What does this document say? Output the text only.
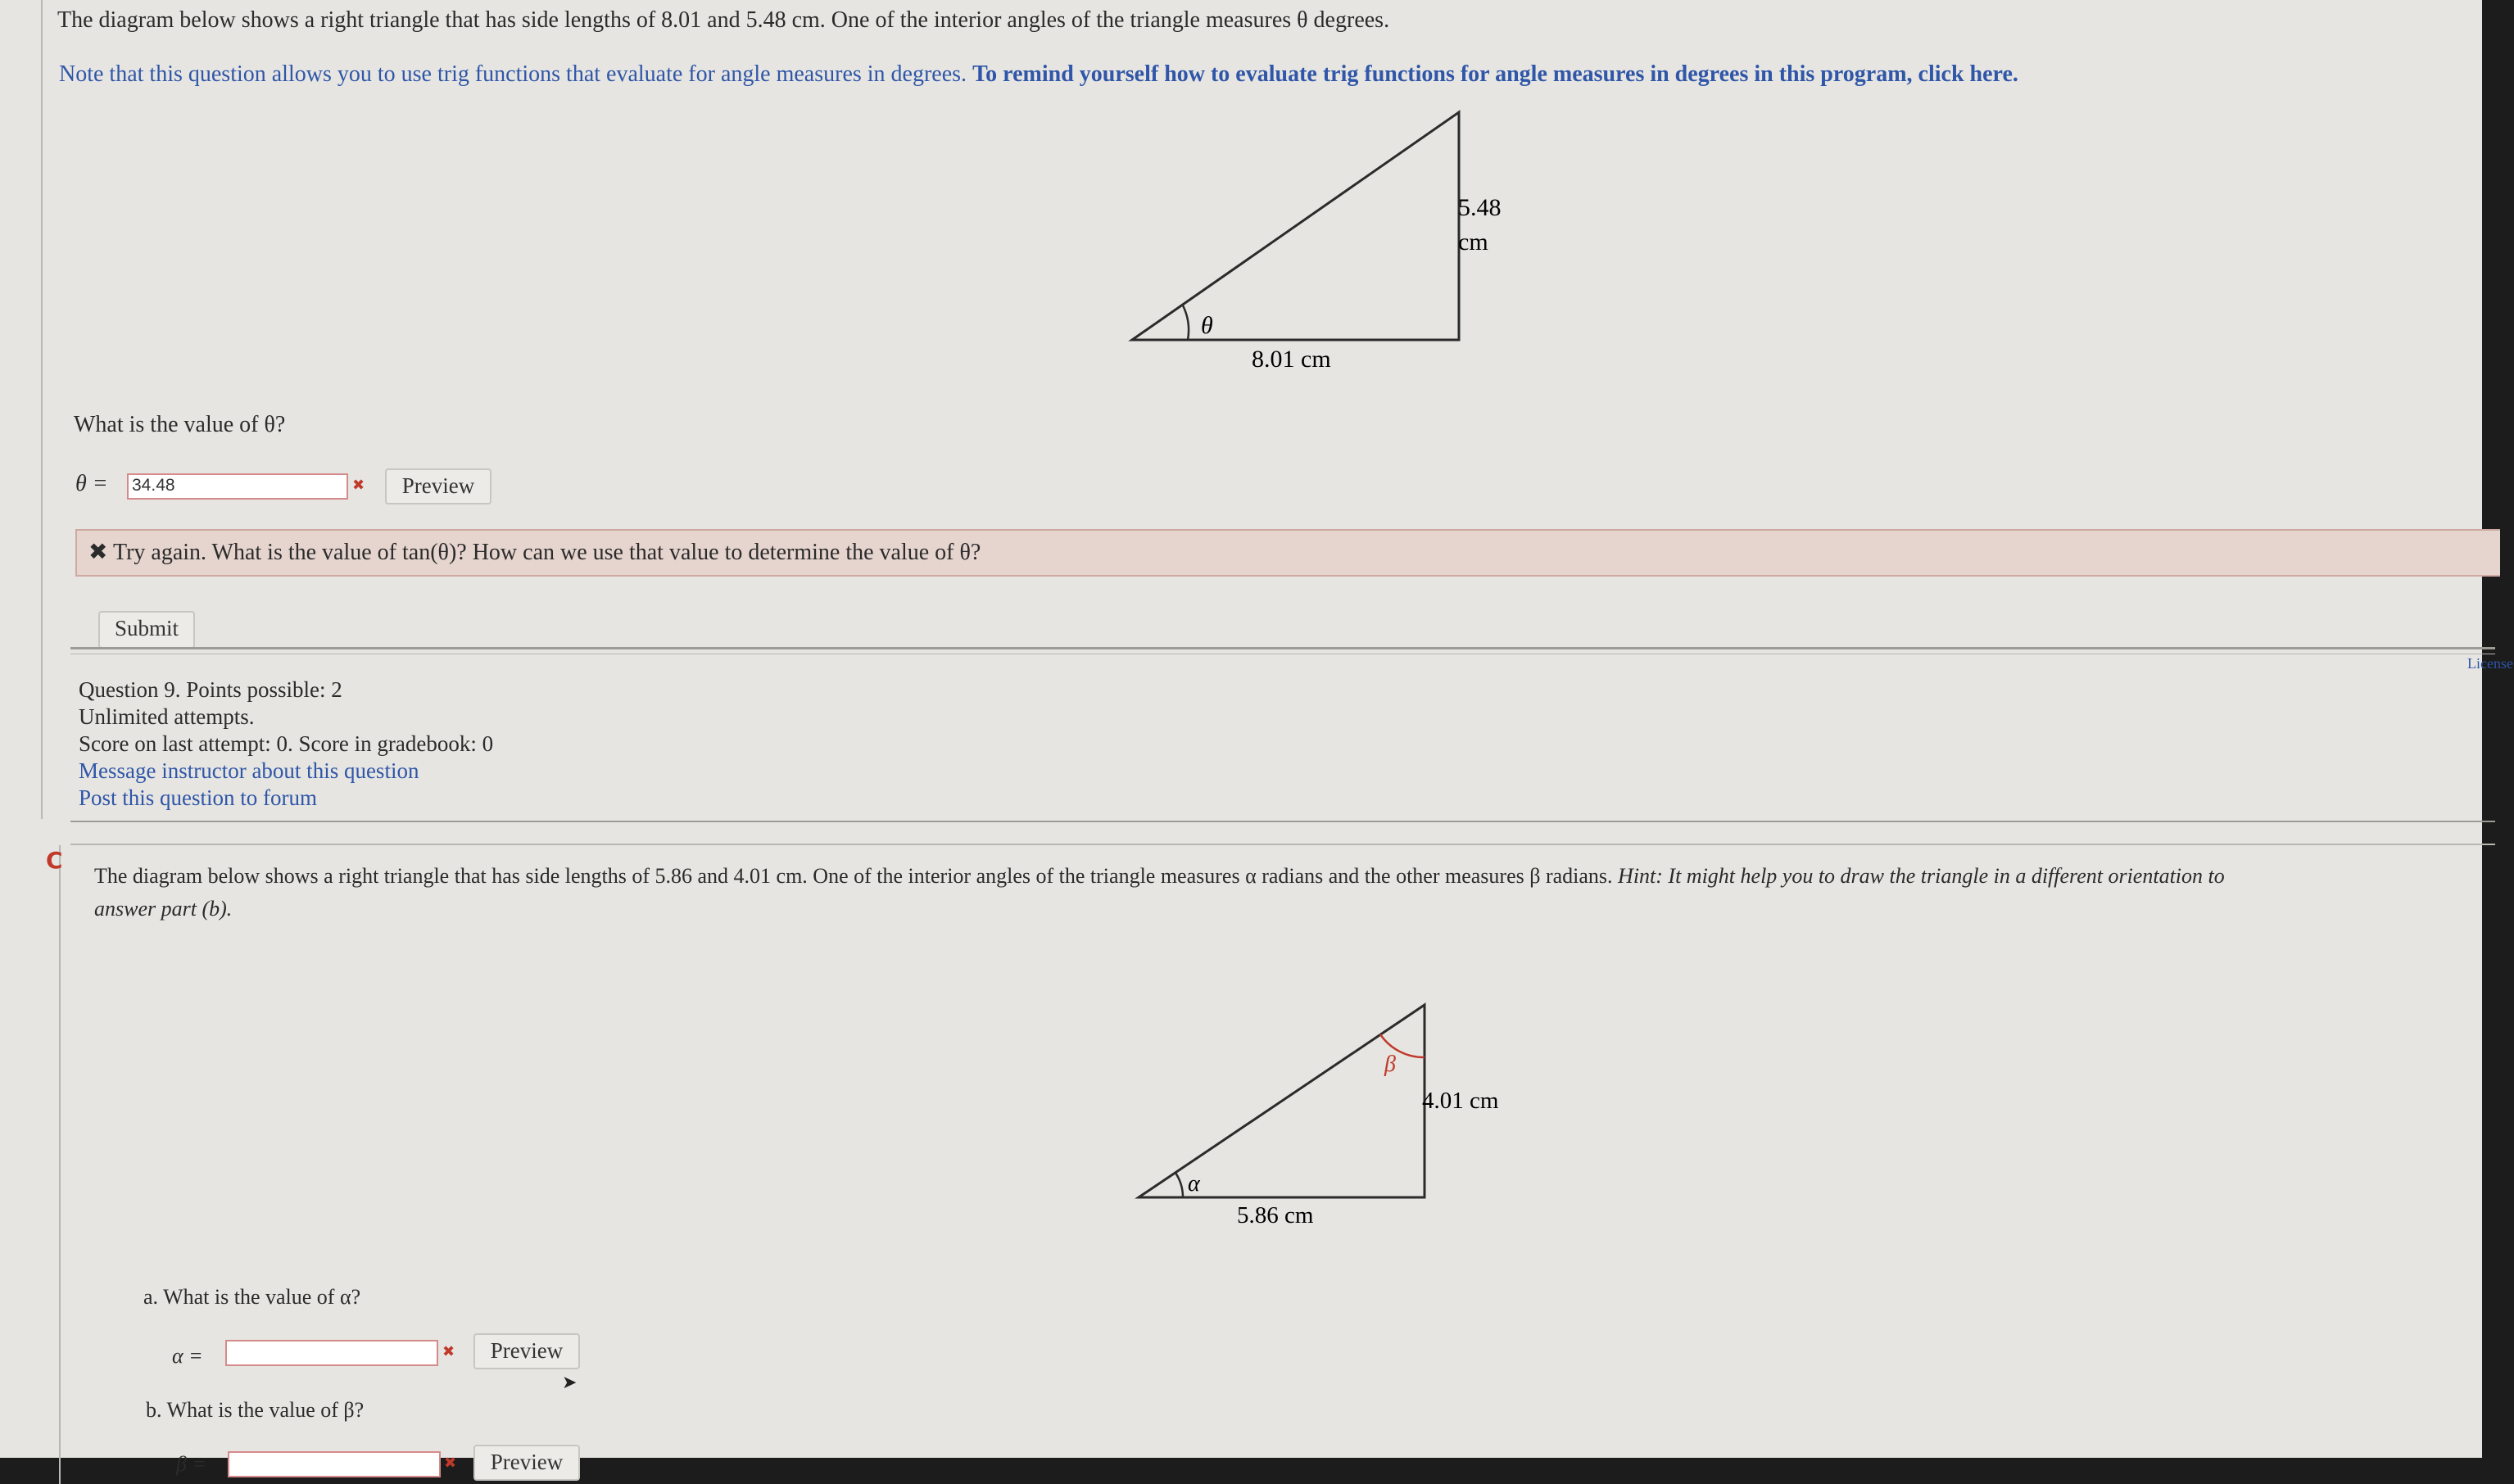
The diagram below shows a right triangle that has side lengths of 8.01 and 5.48 cm. One of the interior angles of the triangle measures θ degrees.
Note that this question allows you to use trig functions that evaluate for angle measures in degrees. To remind yourself how to evaluate trig functions for angle measures in degrees in this program, click here.
θ
5.48
cm
8.01 cm
What is the value of θ?
θ = 34.48	✖	Preview
✖ Try again. What is the value of tan(θ)? How can we use that value to determine the value of θ?
Submit
License
Question 9. Points possible: 2
Unlimited attempts.
Score on last attempt: 0. Score in gradebook: 0
Message instructor about this question
Post this question to forum
C
The diagram below shows a right triangle that has side lengths of 5.86 and 4.01 cm. One of the interior angles of the triangle measures α radians and the other measures β radians. Hint: It might help you to draw the triangle in a different orientation to
answer part (b).
α
β
4.01 cm
5.86 cm
a. What is the value of α?
α =	✖	Preview
➤
b. What is the value of β?
β =	✖	Preview
